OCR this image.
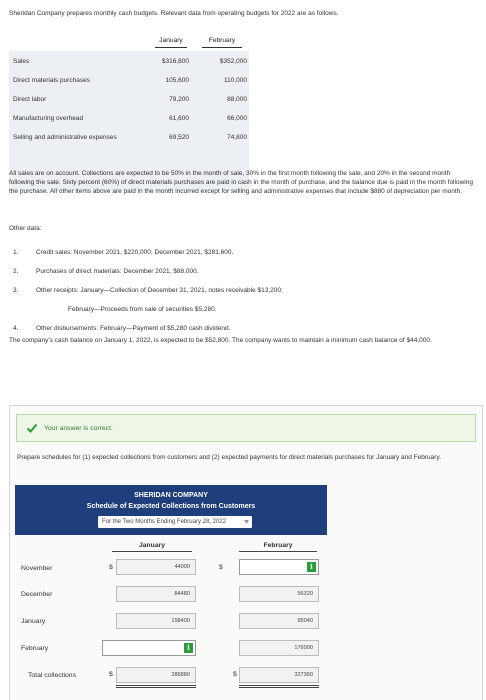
Sheridan Company prepares monthly cash budgets. Relevant data from operating budgets for 2022 are as follows.
January	February
Sales	$316,800	$352,000
Direct materials purchases	105,600	110,000
Direct labor	79,200	88,000
Manufacturing overhead	61,600	66,000
Selling and administrative expenses	69,520	74,800
All sales are on account. Collections are expected to be 50% in the month of sale, 30% in the first month following the sale, and 20% in the second month following the sale. Sixty percent (60%) of direct materials purchases are paid in cash in the month of purchase, and the balance due is paid in the month following the purchase. All other items above are paid in the month incurred except for selling and administrative expenses that include $880 of depreciation per month.
Other data:
1.	Credit sales: November 2021, $220,000; December 2021, $281,600.
2.	Purchases of direct materials: December 2021, $88,000.
3.	Other receipts: January—Collection of December 31, 2021, notes receivable $13,200;
February—Proceeds from sale of securities $5,280.
4.	Other disbursements: February—Payment of $5,280 cash dividend.
The company's cash balance on January 1, 2022, is expected to be $52,800. The company wants to maintain a minimum cash balance of $44,000.
Your answer is correct.
Prepare schedules for (1) expected collections from customers and (2) expected payments for direct materials purchases for January and February.
SHERIDAN COMPANY
Schedule of Expected Collections from Customers
For the Two Months Ending February 28, 2022
January	February
November	$	44000	$	i
December	84480	56320
January	158400	95040
February	i	176000
Total collections	$	286880	$	327360
